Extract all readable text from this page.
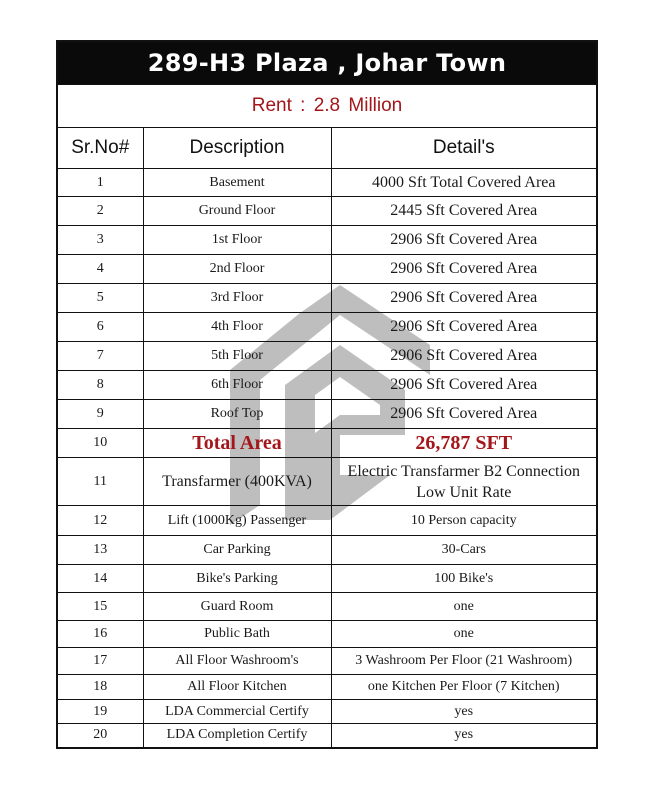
289-H3 Plaza , Johar Town
Rent : 2.8 Million
Sr.No#	Description	Detail's
1	Basement	4000 Sft Total Covered Area
2	Ground Floor	2445 Sft Covered Area
3	1st Floor	2906 Sft Covered Area
4	2nd Floor	2906 Sft Covered Area
5	3rd Floor	2906 Sft Covered Area
6	4th Floor	2906 Sft Covered Area
7	5th Floor	2906 Sft Covered Area
8	6th Floor	2906 Sft Covered Area
9	Roof Top	2906 Sft Covered Area
10	Total Area	26,787 SFT
11	Transfarmer (400KVA)	Electric Transfarmer B2 Connection
Low Unit Rate

12	Lift (1000Kg) Passenger	10 Person capacity
13	Car Parking	30-Cars
14	Bike's Parking	100 Bike's
15	Guard Room	one
16	Public Bath	one
17	All Floor Washroom's	3 Washroom Per Floor (21 Washroom)
18	All Floor Kitchen	one Kitchen Per Floor (7 Kitchen)
19	LDA Commercial Certify	yes
20	LDA Completion Certify	yes
